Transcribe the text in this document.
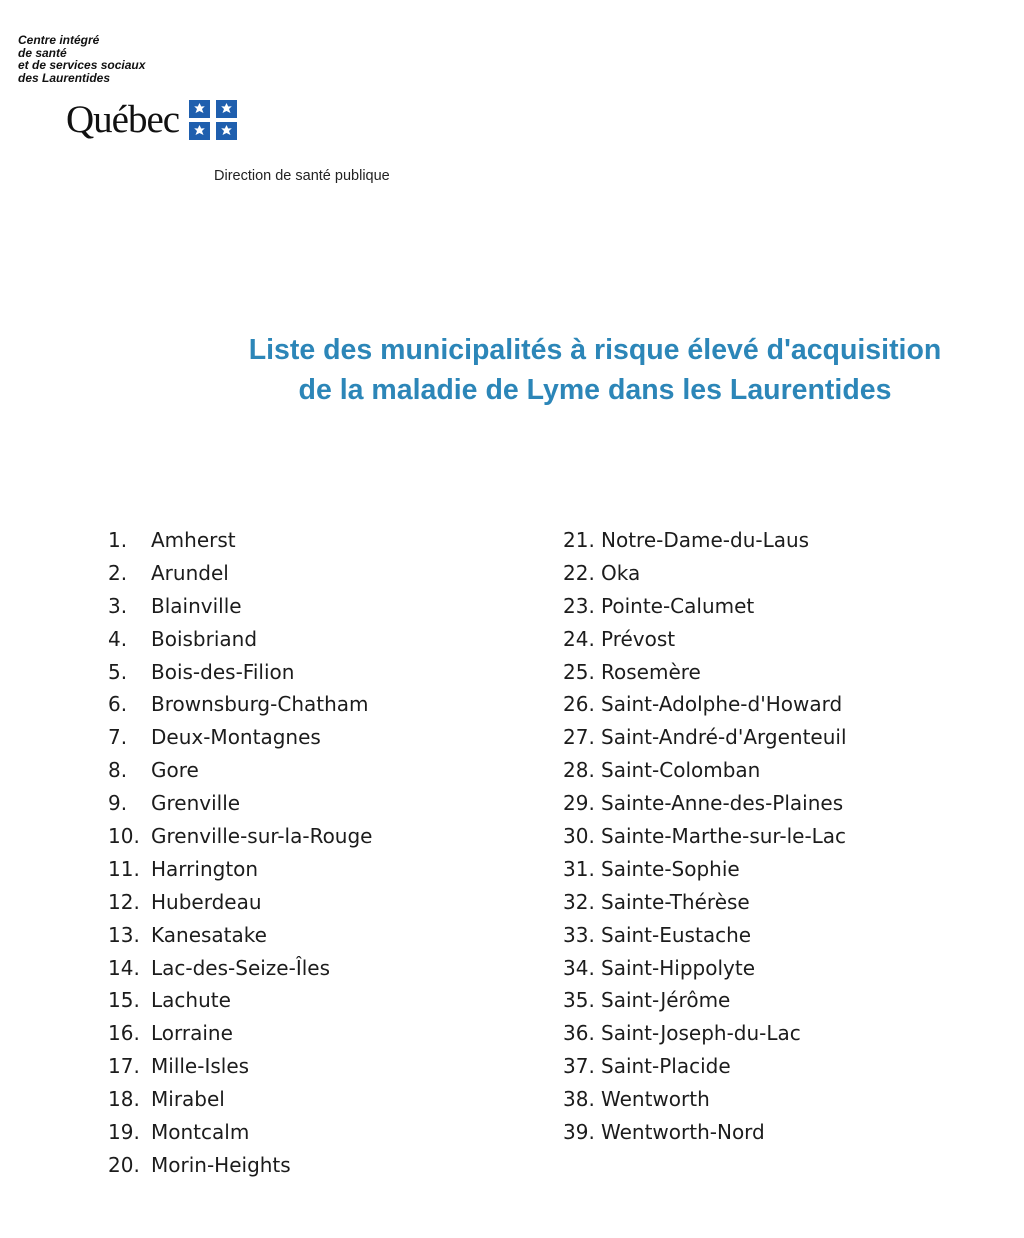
Centre intégré
de santé
et de services sociaux
des Laurentides
Québec
Direction de santé publique
Liste des municipalités à risque élevé d'acquisition
de la maladie de Lyme dans les Laurentides
1.	Amherst
2.	Arundel
3.	Blainville
4.	Boisbriand
5.	Bois-des-Filion
6.	Brownsburg-Chatham
7.	Deux-Montagnes
8.	Gore
9.	Grenville
10. Grenville-sur-la-Rouge
11. Harrington
12. Huberdeau
13. Kanesatake
14. Lac-des-Seize-Îles
15. Lachute
16. Lorraine
17. Mille-Isles
18. Mirabel
19. Montcalm
20. Morin-Heights
21. Notre-Dame-du-Laus
22. Oka
23. Pointe-Calumet
24. Prévost
25. Rosemère
26. Saint-Adolphe-d'Howard
27. Saint-André-d'Argenteuil
28. Saint-Colomban
29. Sainte-Anne-des-Plaines
30. Sainte-Marthe-sur-le-Lac
31. Sainte-Sophie
32. Sainte-Thérèse
33. Saint-Eustache
34. Saint-Hippolyte
35. Saint-Jérôme
36. Saint-Joseph-du-Lac
37. Saint-Placide
38. Wentworth
39. Wentworth-Nord
